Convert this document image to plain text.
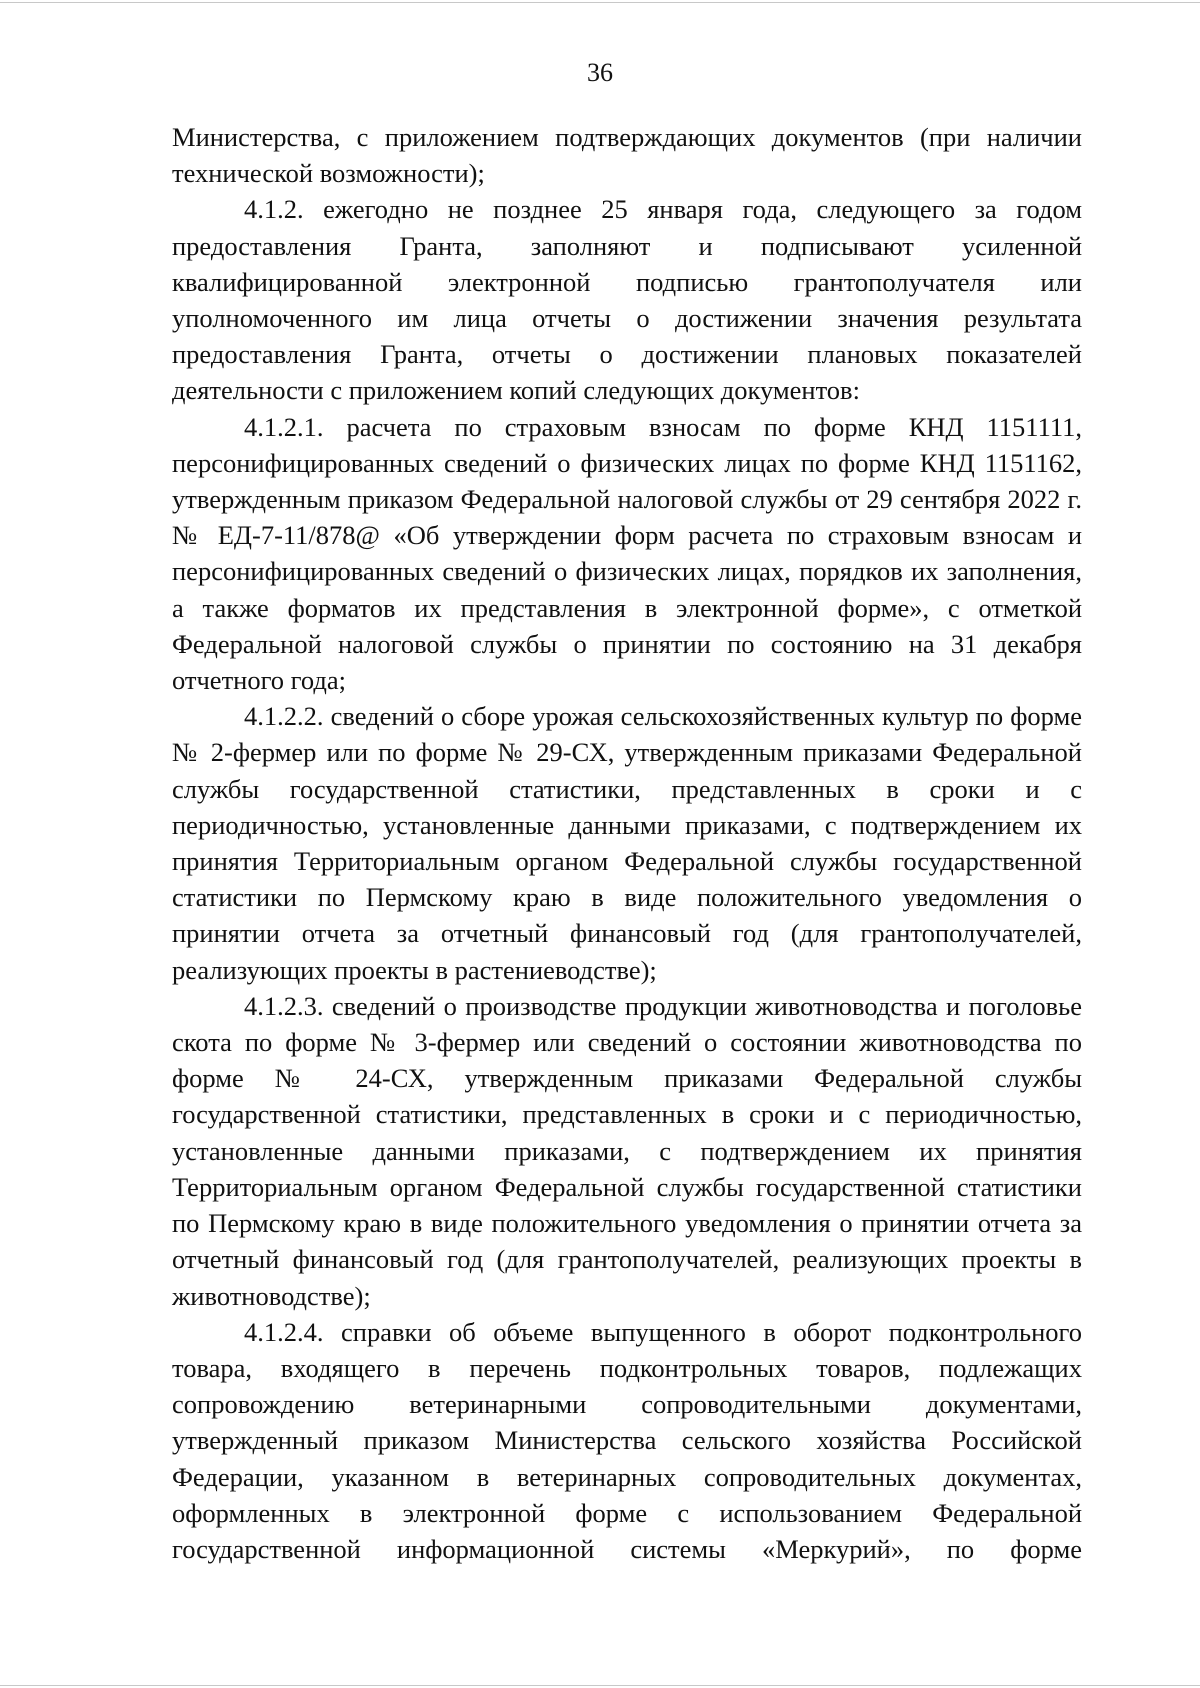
36

Министерства, с приложением подтверждающих документов (при наличии технической возможности);

4.1.2. ежегодно не позднее 25 января года, следующего за годом предоставления Гранта, заполняют и подписывают усиленной квалифицированной электронной подписью грантополучателя или уполномоченного им лица отчеты о достижении значения результата предоставления Гранта, отчеты о достижении плановых показателей деятельности с приложением копий следующих документов:

4.1.2.1. расчета по страховым взносам по форме КНД 1151111, персонифицированных сведений о физических лицах по форме КНД 1151162, утвержденным приказом Федеральной налоговой службы от 29 сентября 2022 г. № ЕД-7-11/878@ «Об утверждении форм расчета по страховым взносам и персонифицированных сведений о физических лицах, порядков их заполнения, а также форматов их представления в электронной форме», с отметкой Федеральной налоговой службы о принятии по состоянию на 31 декабря отчетного года;

4.1.2.2. сведений о сборе урожая сельскохозяйственных культур по форме № 2-фермер или по форме № 29-СХ, утвержденным приказами Федеральной службы государственной статистики, представленных в сроки и с периодичностью, установленные данными приказами, с подтверждением их принятия Территориальным органом Федеральной службы государственной статистики по Пермскому краю в виде положительного уведомления о принятии отчета за отчетный финансовый год (для грантополучателей, реализующих проекты в растениеводстве);

4.1.2.3. сведений о производстве продукции животноводства и поголовье скота по форме № 3-фермер или сведений о состоянии животноводства по форме № 24-СХ, утвержденным приказами Федеральной службы государственной статистики, представленных в сроки и с периодичностью, установленные данными приказами, с подтверждением их принятия Территориальным органом Федеральной службы государственной статистики по Пермскому краю в виде положительного уведомления о принятии отчета за отчетный финансовый год (для грантополучателей, реализующих проекты в животноводстве);

4.1.2.4. справки об объеме выпущенного в оборот подконтрольного товара, входящего в перечень подконтрольных товаров, подлежащих сопровождению ветеринарными сопроводительными документами, утвержденный приказом Министерства сельского хозяйства Российской Федерации, указанном в ветеринарных сопроводительных документах, оформленных в электронной форме с использованием Федеральной государственной информационной системы «Меркурий», по форме
